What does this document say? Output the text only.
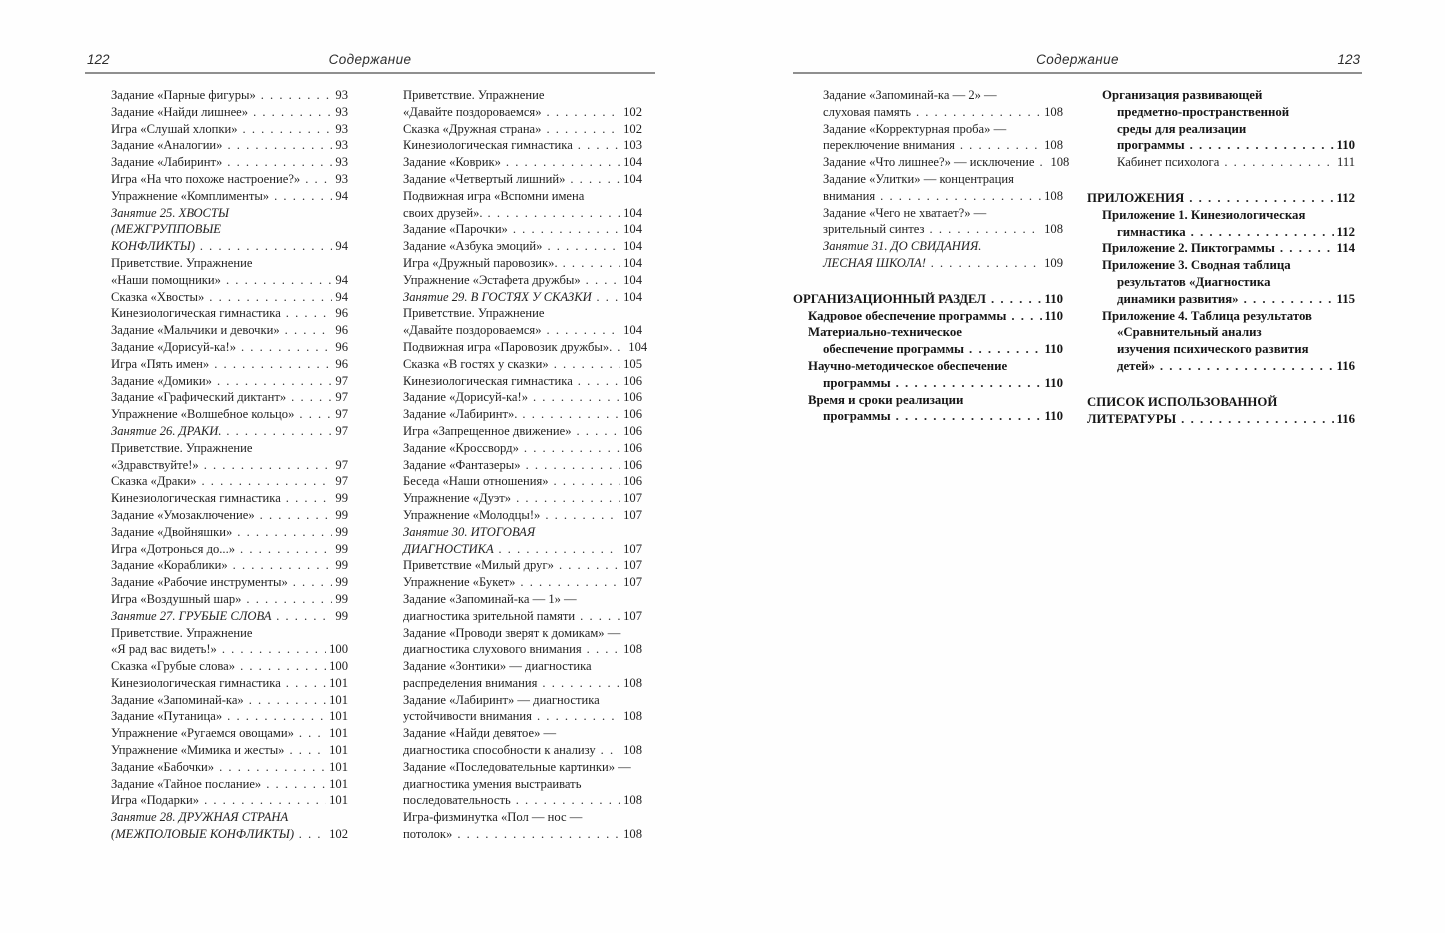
122	Содержание
Задание «Парные фигуры» . . .	93
Задание «Найди лишнее» . . .	93
Игра «Слушай хлопки» . . .	93
Задание «Аналогии» . . .	93
Задание «Лабиринт» . . .	93
Игра «На что похоже настроение?» . . .	93
Упражнение «Комплименты» . . .	94
Занятие 25. ХВОСТЫ
(МЕЖГРУППОВЫЕ
КОНФЛИКТЫ) . . .	94
Приветствие. Упражнение
«Наши помощники» . . .	94
Сказка «Хвосты» . . .	94
Кинезиологическая гимнастика . . .	96
Задание «Мальчики и девочки» . . .	96
Задание «Дорисуй-ка!» . . .	96
Игра «Пять имен» . . .	96
Задание «Домики» . . .	97
Задание «Графический диктант» . . .	97
Упражнение «Волшебное кольцо» . . .	97
Занятие 26. ДРАКИ. . . .	97
Приветствие. Упражнение
«Здравствуйте!» . . .	97
Сказка «Драки» . . .	97
Кинезиологическая гимнастика . . .	99
Задание «Умозаключение» . . .	99
Задание «Двойняшки» . . .	99
Игра «Дотронься до...» . . .	99
Задание «Кораблики» . . .	99
Задание «Рабочие инструменты» . . .	99
Игра «Воздушный шар» . . .	99
Занятие 27. ГРУБЫЕ СЛОВА . . .	99
Приветствие. Упражнение
«Я рад вас видеть!» . . .	100
Сказка «Грубые слова» . . .	100
Кинезиологическая гимнастика . . .	101
Задание «Запоминай-ка» . . .	101
Задание «Путаница» . . .	101
Упражнение «Ругаемся овощами» . . .	101
Упражнение «Мимика и жесты» . . .	101
Задание «Бабочки» . . .	101
Задание «Тайное послание» . . .	101
Игра «Подарки» . . .	101
Занятие 28. ДРУЖНАЯ СТРАНА
(МЕЖПОЛОВЫЕ КОНФЛИКТЫ) . . .	102
Приветствие. Упражнение
«Давайте поздороваемся» . . .	102
Сказка «Дружная страна» . . .	102
Кинезиологическая гимнастика . . .	103
Задание «Коврик» . . .	104
Задание «Четвертый лишний» . . .	104
Подвижная игра «Вспомни имена
своих друзей». . . .	104
Задание «Парочки» . . .	104
Задание «Азбука эмоций» . . .	104
Игра «Дружный паровозик». . . .	104
Упражнение «Эстафета дружбы» . . .	104
Занятие 29. В ГОСТЯХ У СКАЗКИ . . . 104
Приветствие. Упражнение
«Давайте поздороваемся» . . .	104
Подвижная игра «Паровозик дружбы». . . . 104
Сказка «В гостях у сказки» . . .	105
Кинезиологическая гимнастика . . .	106
Задание «Дорисуй-ка!» . . .	106
Задание «Лабиринт». . . .	106
Игра «Запрещенное движение» . . .	106
Задание «Кроссворд» . . .	106
Задание «Фантазеры» . . .	106
Беседа «Наши отношения» . . .	106
Упражнение «Дуэт» . . .	107
Упражнение «Молодцы!» . . .	107
Занятие 30. ИТОГОВАЯ
ДИАГНОСТИКА . . .	107
Приветствие «Милый друг» . . .	107
Упражнение «Букет» . . .	107
Задание «Запоминай-ка — 1» —
диагностика зрительной памяти . . .	107
Задание «Проводи зверят к домикам» —
диагностика слухового внимания . . .	108
Задание «Зонтики» — диагностика
распределения внимания . . .	108
Задание «Лабиринт» — диагностика
устойчивости внимания . . .	108
Задание «Найди девятое» —
диагностика способности к анализу . . . 108
Задание «Последовательные картинки» —
диагностика умения выстраивать
последовательность . . .	108
Игра-физминутка «Пол — нос —
потолок» . . .	108
Содержание	123
Задание «Запоминай-ка — 2» —
слуховая память . . .	108
Задание «Корректурная проба» —
переключение внимания . . .	108
Задание «Что лишнее?» — исключение . . . 108
Задание «Улитки» — концентрация
внимания . . .	108
Задание «Чего не хватает?» —
зрительный синтез . . .	108
Занятие 31. ДО СВИДАНИЯ.
ЛЕСНАЯ ШКОЛА! . . .	109
ОРГАНИЗАЦИОННЫЙ РАЗДЕЛ . . .	110
Кадровое обеспечение программы . . .	110
Материально-техническое
обеспечение программы . . .	110
Научно-методическое обеспечение
программы . . .	110
Время и сроки реализации
программы . . .	110
Организация развивающей
предметно-пространственной
среды для реализации
программы . . .	110
Кабинет психолога . . .	111
ПРИЛОЖЕНИЯ . . .	112
Приложение 1. Кинезиологическая
гимнастика . . .	112
Приложение 2. Пиктограммы . . .	114
Приложение 3. Сводная таблица
результатов «Диагностика
динамики развития» . . .	115
Приложение 4. Таблица результатов
«Сравнительный анализ
изучения психического развития
детей» . . .	116
СПИСОК ИСПОЛЬЗОВАННОЙ
ЛИТЕРАТУРЫ . . .	116
